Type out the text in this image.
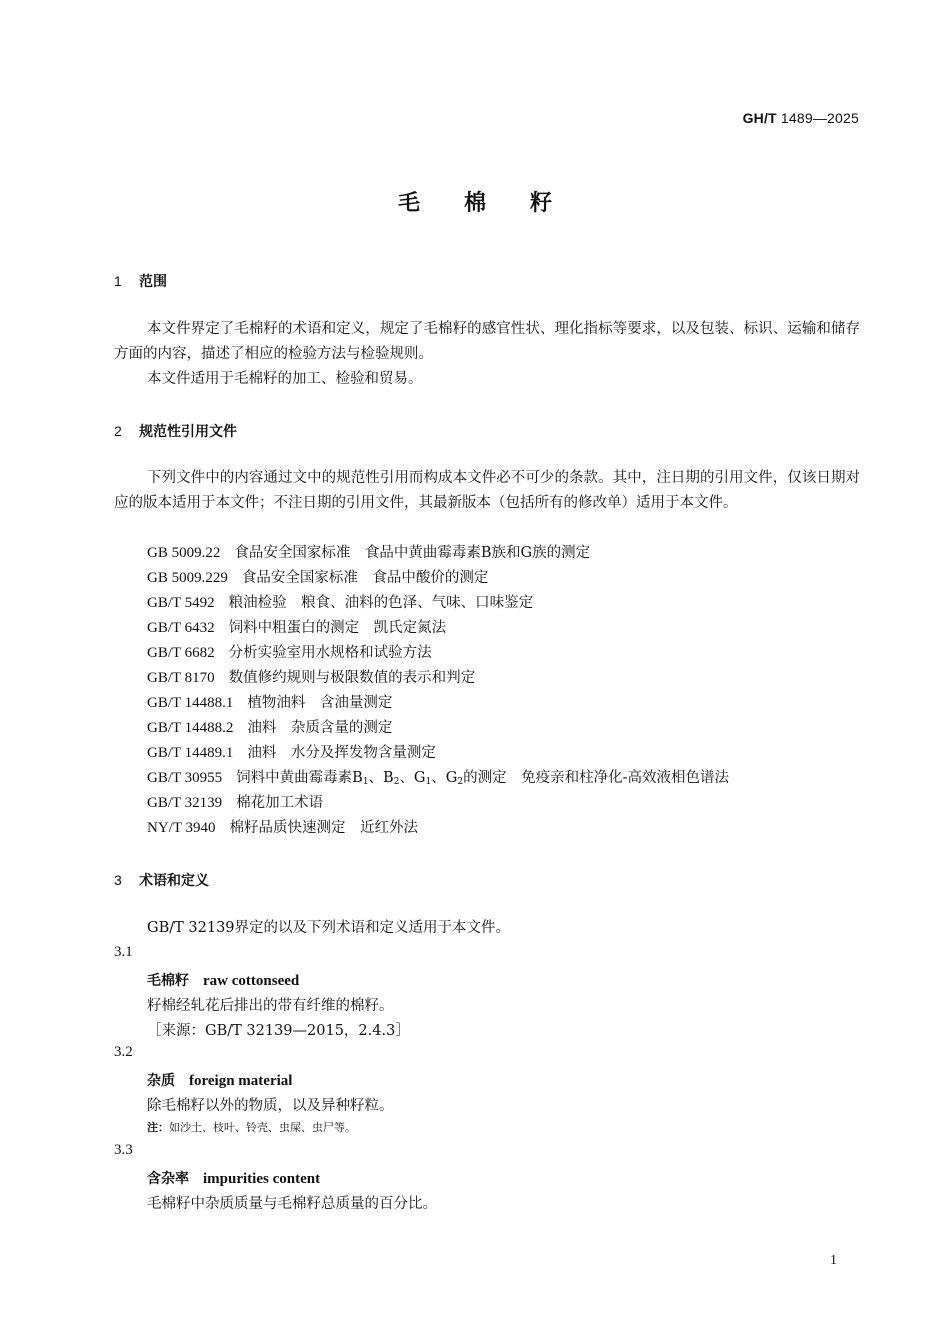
GH/T 1489—2025
毛棉籽
1 范围
本文件界定了毛棉籽的术语和定义，规定了毛棉籽的感官性状、理化指标等要求，以及包装、标识、运输和储存方面的内容，描述了相应的检验方法与检验规则。
本文件适用于毛棉籽的加工、检验和贸易。
2 规范性引用文件
下列文件中的内容通过文中的规范性引用而构成本文件必不可少的条款。其中，注日期的引用文件，仅该日期对应的版本适用于本文件；不注日期的引用文件，其最新版本（包括所有的修改单）适用于本文件。
GB 5009.22 食品安全国家标准　食品中黄曲霉毒素B族和G族的测定
GB 5009.229 食品安全国家标准　食品中酸价的测定
GB/T 5492 粮油检验　粮食、油料的色泽、气味、口味鉴定
GB/T 6432 饲料中粗蛋白的测定　凯氏定氮法
GB/T 6682 分析实验室用水规格和试验方法
GB/T 8170 数值修约规则与极限数值的表示和判定
GB/T 14488.1 植物油料　含油量测定
GB/T 14488.2 油料　杂质含量的测定
GB/T 14489.1 油料　水分及挥发物含量测定
GB/T 30955 饲料中黄曲霉毒素$B_1$、$B_2$、$G_1$、$G_2$的测定　免疫亲和柱净化-高效液相色谱法
GB/T 32139 棉花加工术语
NY/T 3940 棉籽品质快速测定　近红外法
3 术语和定义
GB/T 32139界定的以及下列术语和定义适用于本文件。
3.1
毛棉籽 raw cottonseed
籽棉经轧花后排出的带有纤维的棉籽。
［来源：GB/T 32139—2015，2.4.3］
3.2
杂质 foreign material
除毛棉籽以外的物质，以及异种籽粒。
注：如沙土、枝叶、铃壳、虫屎、虫尸等。
3.3
含杂率 impurities content
毛棉籽中杂质质量与毛棉籽总质量的百分比。
1
